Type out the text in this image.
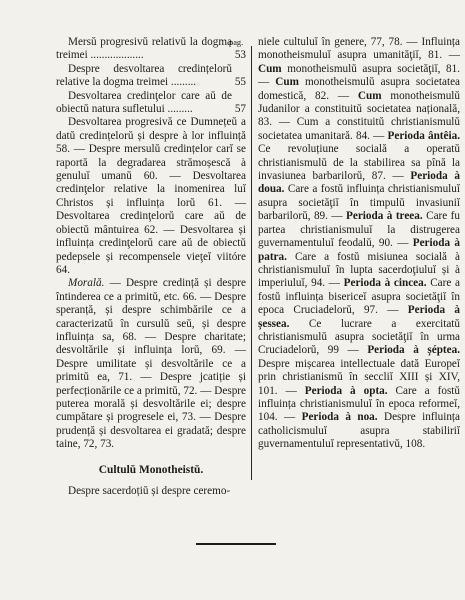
pag.
Mersŭ progresivŭ relativŭ la dogma treimei ...................	53
Despre desvoltarea credințelorŭ relative la dogma treimei .........	55
Desvoltarea credinţelor care aŭ de obiectŭ natura sufletului .........	57

Desvoltarea progresivă ce Dumnețeŭ a datŭ credințelorŭ și despre à lor influință 58. — Despre mersulŭ credințelor carĭ se raportă la degradarea strămoșescă à genuluĭ umanŭ 60. — Desvoltarea credinţelor relative la inomenirea luĭ Christos și influința lorŭ 61. — Desvoltarea credinţelorŭ care aŭ de obiectŭ mântuirea 62. — Desvoltarea și influința credinţelorŭ care aŭ de obiectŭ pedepsele și recompensele vieţeĭ viitóre 64.

Morală. — Despre credință și despre întinderea ce a primitŭ, etc. 66. — Despre speranță, și despre schimbările ce a caracterizatŭ în cursulŭ seŭ, și despre influința sa, 68. — Despre charitate; desvoltările și influința lorŭ, 69. — Despre umilitate și desvoltările ce a primitŭ ea, 71. — Despre jcatiție și perfecționările ce a primitŭ, 72. — Despre puterea morală și desvoltările ei; despre cumpătare și progresele ei, 73. — Despre prudență și desvoltarea ei gradată; despre taine, 72, 73.

Cultulŭ Monotheistŭ.

Despre sacerdoțiŭ și despre ceremo-

niele cultuluĭ în genere, 77, 78. — Influința monotheismuluĭ asupra umanităţiĭ, 81. — Cum monotheismulŭ asupra societăţiĭ, 81. — Cum monotheismulŭ asupra societatea domestică, 82. — Cum monotheismulŭ Judanilor a constituitŭ societatea națională, 83. — Cum a constituitŭ christianismulŭ societatea umanitară. 84. — Perioda ântêia. Ce revoluțiune socială a operatŭ christianismulŭ de la stabilirea sa pînă la invasiunea barbarilorŭ, 87. — Perioda à doua. Care a fostŭ influința christianismuluĭ asupra societăţiĭ în timpulŭ invasiuniĭ barbarilorŭ, 89. — Perioda à treea. Care fu partea christianismuluĭ la distrugerea guvernamentuluĭ feodalŭ, 90. — Perioda à patra. Care a fostŭ misiunea socială à christianismuluĭ în lupta sacerdoţiuluĭ și à imperiuluĭ, 94. — Perioda à cincea. Care a fostŭ influința bisericeĭ asupra societăţiĭ în epoca Cruciadelorŭ, 97. — Perioda à șessea. Ce lucrare a exercitatŭ christianismulŭ asupra societăţiĭ în urma Cruciadelorŭ, 99 — Perioda à șéptea. Despre mișcarea intellectuale dată Europeĭ prin christianismŭ în seccliĭ XIII și XIV, 101. — Perioda à opta. Care a fostŭ influința christianismuluĭ în epoca reformeĭ, 104. — Perioda à noa. Despre influința catholicismuluĭ asupra stabiliriĭ guvernamentuluĭ representativŭ, 108.
